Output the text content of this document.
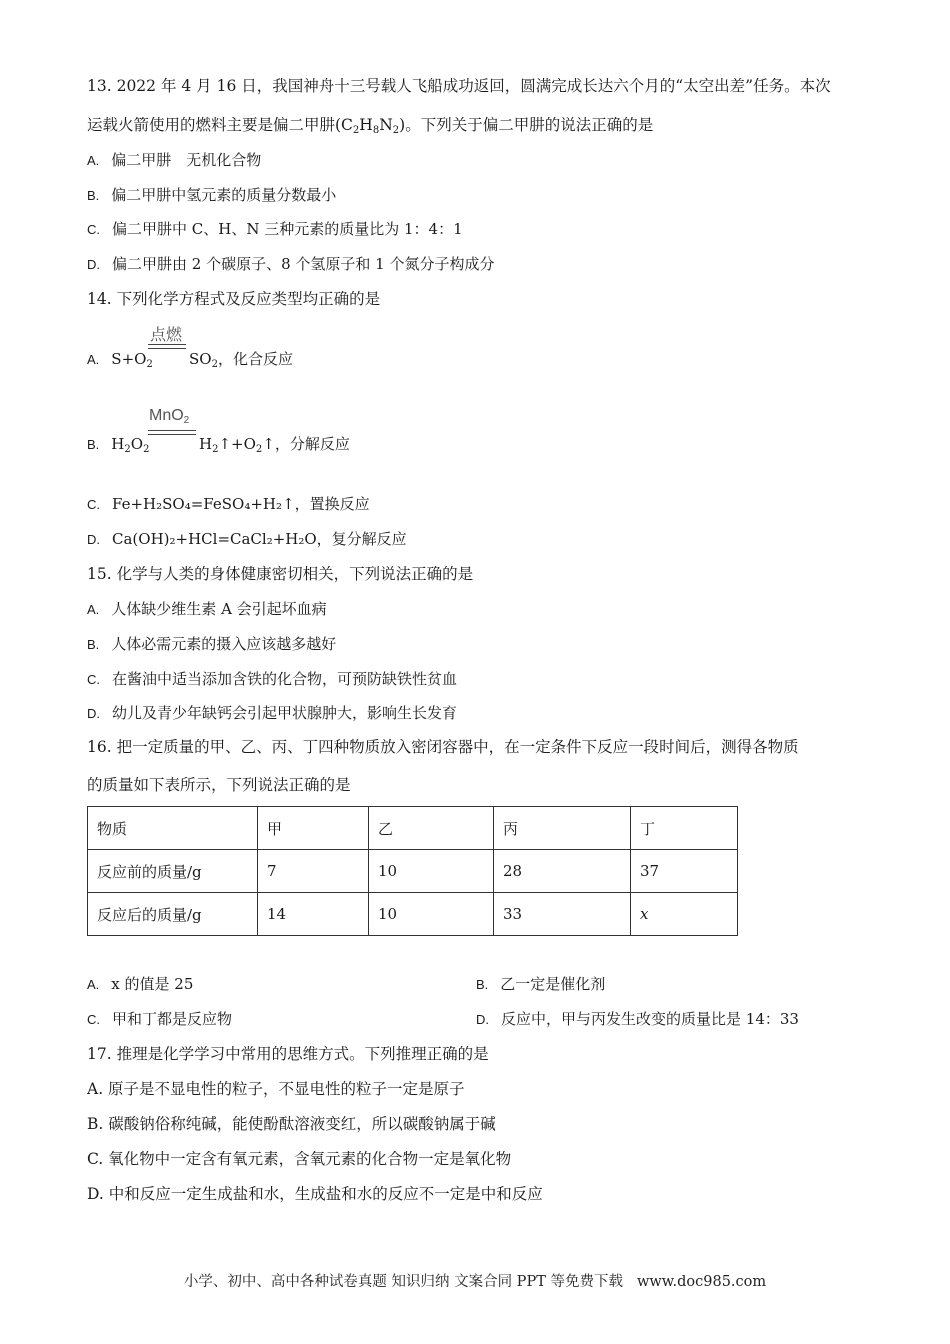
13. 2022 年 4 月 16 日，我国神舟十三号载人飞船成功返回，圆满完成长达六个月的“太空出差”任务。本次
运载火箭使用的燃料主要是偏二甲肼$(C_2H_8N_2)$。下列关于偏二甲肼的说法正确的是
A. 偏二甲肼　无机化合物
B. 偏二甲肼中氢元素的质量分数最小
C. 偏二甲肼中 C、H、N 三种元素的质量比为 1：4：1
D. 偏二甲肼由 2 个碳原子、8 个氢原子和 1 个氮分子构成分
14. 下列化学方程式及反应类型均正确的是
A. $S+O_2$
点燃
$SO_2$，化合反应
B. $H_2O_2$
MnO$_2$
$H_2↑+O_2↑$，分解反应
C. Fe+H₂SO₄=FeSO₄+H₂↑，置换反应
D. Ca(OH)₂+HCl=CaCl₂+H₂O，复分解反应
15. 化学与人类的身体健康密切相关，下列说法正确的是
A. 人体缺少维生素 A 会引起坏血病
B. 人体必需元素的摄入应该越多越好
C. 在酱油中适当添加含铁的化合物，可预防缺铁性贫血
D. 幼儿及青少年缺钙会引起甲状腺肿大，影响生长发育
16. 把一定质量的甲、乙、丙、丁四种物质放入密闭容器中，在一定条件下反应一段时间后，测得各物质
的质量如下表所示，下列说法正确的是
物质	甲	乙	丙	丁
反应前的质量/g	7	10	28	37
反应后的质量/g	14	10	33	x
A. x 的值是 25	B. 乙一定是催化剂
C. 甲和丁都是反应物	D. 反应中，甲与丙发生改变的质量比是 14：33
17. 推理是化学学习中常用的思维方式。下列推理正确的是
A. 原子是不显电性的粒子，不显电性的粒子一定是原子
B. 碳酸钠俗称纯碱，能使酚酞溶液变红，所以碳酸钠属于碱
C. 氧化物中一定含有氧元素，含氧元素的化合物一定是氧化物
D. 中和反应一定生成盐和水，生成盐和水的反应不一定是中和反应
小学、初中、高中各种试卷真题 知识归纳 文案合同 PPT 等免费下载 www.doc985.com
